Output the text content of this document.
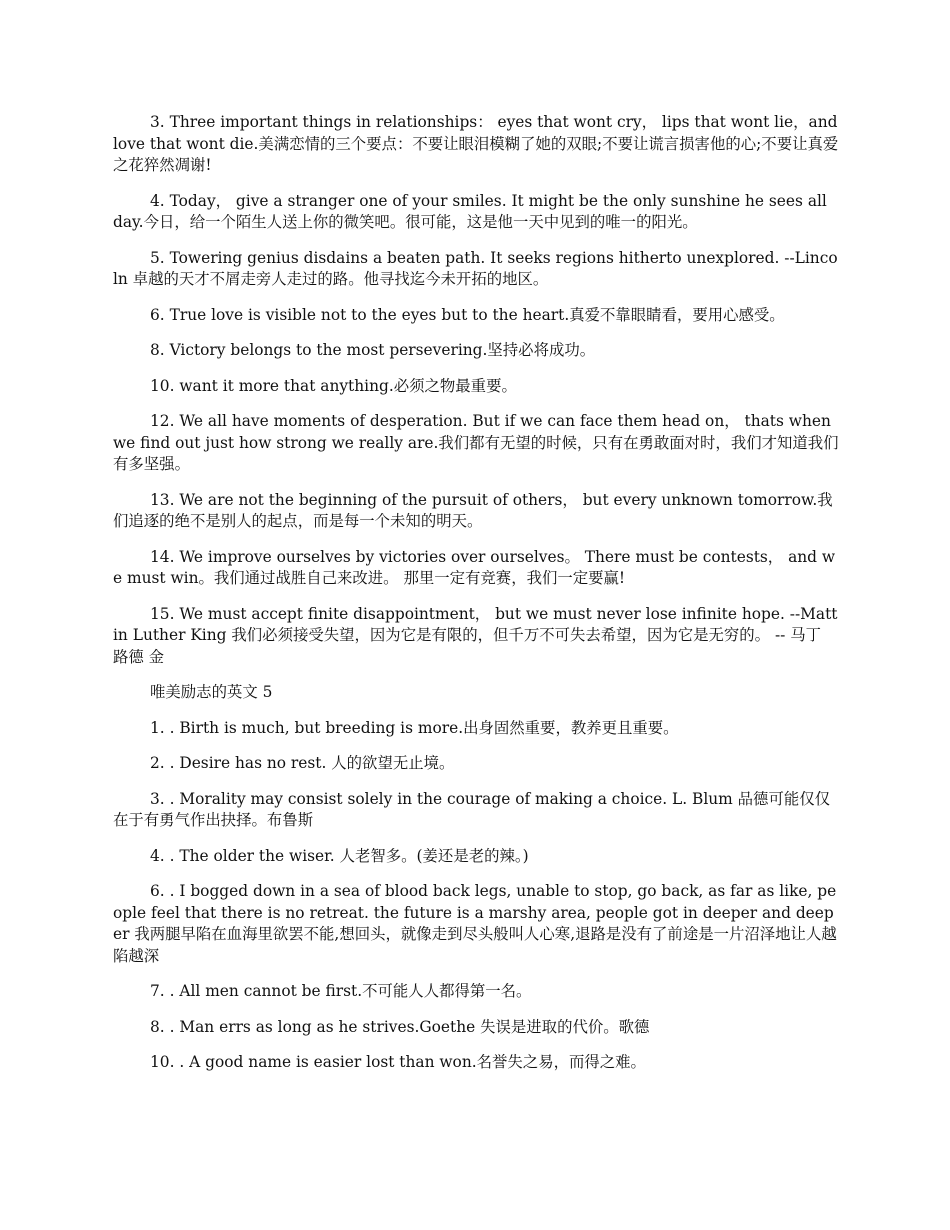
3. Three important things in relationships： eyes that wont cry， lips that wont lie，and love that wont die.美满恋情的三个要点：不要让眼泪模糊了她的双眼;不要让谎言损害他的心;不要让真爱之花猝然凋谢!

4. Today， give a stranger one of your smiles. It might be the only sunshine he sees all day.今日，给一个陌生人送上你的微笑吧。很可能，这是他一天中见到的唯一的阳光。

5. Towering genius disdains a beaten path. It seeks regions hitherto unexplored. --Lincoln 卓越的天才不屑走旁人走过的路。他寻找迄今未开拓的地区。

6. True love is visible not to the eyes but to the heart.真爱不靠眼睛看，要用心感受。

8. Victory belongs to the most persevering.坚持必将成功。

10. want it more that anything.必须之物最重要。

12. We all have moments of desperation. But if we can face them head on， thats when we find out just how strong we really are.我们都有无望的时候，只有在勇敢面对时，我们才知道我们有多坚强。

13. We are not the beginning of the pursuit of others， but every unknown tomorrow.我们追逐的绝不是别人的起点，而是每一个未知的明天。

14. We improve ourselves by victories over ourselves。 There must be contests， and we must win。我们通过战胜自己来改进。 那里一定有竞赛，我们一定要赢!

15. We must accept finite disappointment， but we must never lose infinite hope. --Mattin Luther King 我们必须接受失望，因为它是有限的，但千万不可失去希望，因为它是无穷的。 -- 马丁 路德 金

唯美励志的英文 5

1. . Birth is much, but breeding is more.出身固然重要，教养更且重要。

2. . Desire has no rest. 人的欲望无止境。

3. . Morality may consist solely in the courage of making a choice. L. Blum 品德可能仅仅在于有勇气作出抉择。布鲁斯

4. . The older the wiser. 人老智多。(姜还是老的辣。)

6. . I bogged down in a sea of blood back legs, unable to stop, go back, as far as like, people feel that there is no retreat. the future is a marshy area, people got in deeper and deeper 我两腿早陷在血海里欲罢不能,想回头，就像走到尽头般叫人心寒,退路是没有了前途是一片沼泽地让人越陷越深

7. . All men cannot be first.不可能人人都得第一名。

8. . Man errs as long as he strives.Goethe 失误是进取的代价。歌德

10. . A good name is easier lost than won.名誉失之易，而得之难。
